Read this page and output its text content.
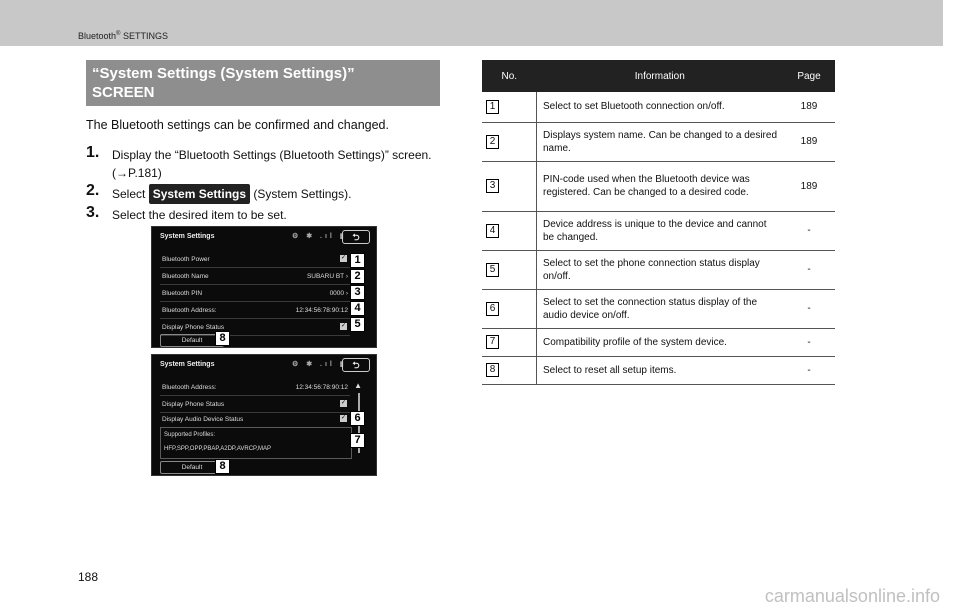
Bluetooth® SETTINGS
“System Settings (System Settings)”
SCREEN
The Bluetooth settings can be confirmed and changed.
1. Display the “Bluetooth Settings (Bluetooth Settings)” screen. (→P.181)
2. Select System Settings (System Settings).
3. Select the desired item to be set.
System Settings	⚙ ✱ .ıl ▮ ⮌
Bluetooth Power	✓
Bluetooth Name	SUBARU BT ›
Bluetooth PIN	0000 ›
Bluetooth Address:	12:34:56:78:90:12
Display Phone Status	✓
Default
1
2
3
4
5
8
System Settings	⚙ ✱ .ıl ▮ ⮌
Bluetooth Address:	12:34:56:78:90:12
Display Phone Status	✓
Display Audio Device Status	✓
Supported Profiles:
HFP,SPP,OPP,PBAP,A2DP,AVRCP,MAP
▲
Default
6
7
8
No.	Information	Page
1	Select to set Bluetooth connection on/off.	189
2	Displays system name. Can be changed to a desired name.	189
3	PIN-code used when the Bluetooth device was registered. Can be changed to a desired code.	189
4	Device address is unique to the device and cannot be changed.	-
5	Select to set the phone connection status display on/off.	-
6	Select to set the connection status display of the audio device on/off.	-
7	Compatibility profile of the system device.	-
8	Select to reset all setup items.	-
188
carmanualsonline.info
